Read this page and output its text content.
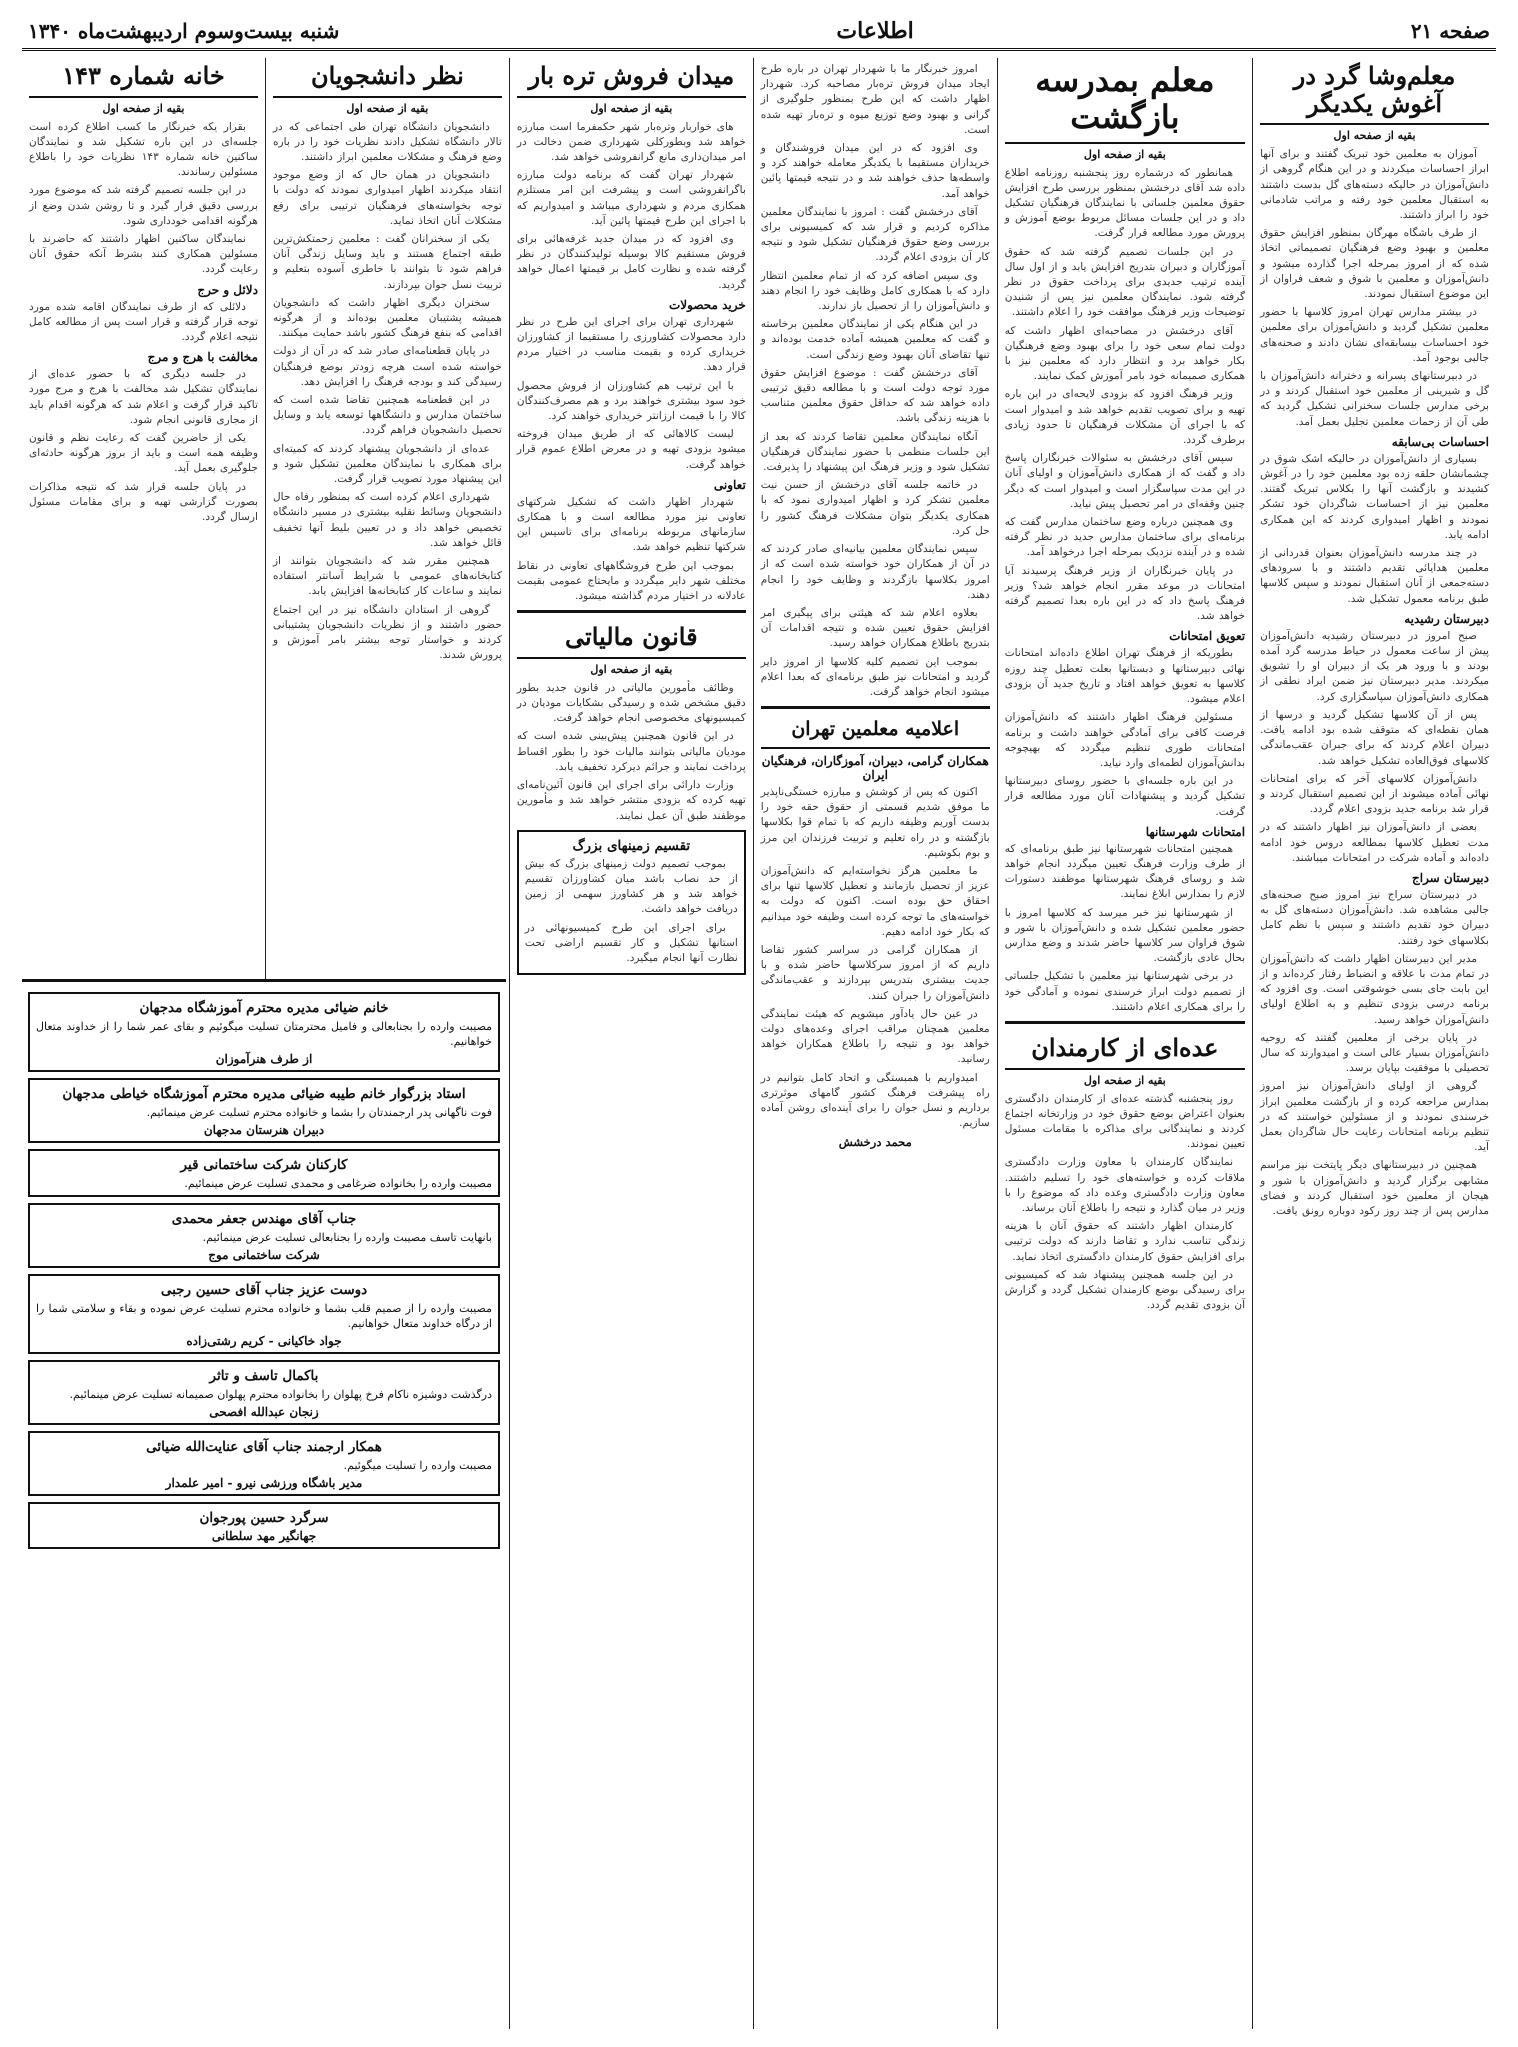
صفحه ۲۱
اطلاعات
شنبه بیست‌وسوم اردیبهشت‌ماه ۱۳۴۰
معلم‌وشا گرد در آغوش یکدیگر
بقیه از صفحه اول

آموزان به معلمین خود تبریک گفتند و برای آنها ابراز احساسات میکردند و در این هنگام گروهی از دانش‌آموزان در حالیکه دسته‌های گل بدست داشتند به استقبال معلمین خود رفته و مراتب شادمانی خود را ابراز داشتند.

از طرف باشگاه مهرگان بمنظور افزایش حقوق معلمین و بهبود وضع فرهنگیان تصمیماتی اتخاذ شده که از امروز بمرحله اجرا گذارده میشود و دانش‌آموزان و معلمین با شوق و شعف فراوان از این موضوع استقبال نمودند.

در بیشتر مدارس تهران امروز کلاسها با حضور معلمین تشکیل گردید و دانش‌آموزان برای معلمین خود احساسات بیسابقه‌ای نشان دادند و صحنه‌های جالبی بوجود آمد.

در دبیرستانهای پسرانه و دخترانه دانش‌آموزان با گل و شیرینی از معلمین خود استقبال کردند و در برخی مدارس جلسات سخنرانی تشکیل گردید که طی آن از زحمات معلمین تجلیل بعمل آمد.

احساسات بی‌سابقه

بسیاری از دانش‌آموزان در حالیکه اشک شوق در چشمانشان حلقه زده بود معلمین خود را در آغوش کشیدند و بازگشت آنها را بکلاس تبریک گفتند. معلمین نیز از احساسات شاگردان خود تشکر نمودند و اظهار امیدواری کردند که این همکاری ادامه یابد.

در چند مدرسه دانش‌آموزان بعنوان قدردانی از معلمین هدایائی تقدیم داشتند و با سرودهای دسته‌جمعی از آنان استقبال نمودند و سپس کلاسها طبق برنامه معمول تشکیل شد.

دبیرستان رشیدیه

صبح امروز در دبیرستان رشیدیه دانش‌آموزان پیش از ساعت معمول در حیاط مدرسه گرد آمده بودند و با ورود هر یک از دبیران او را تشویق میکردند. مدیر دبیرستان نیز ضمن ایراد نطقی از همکاری دانش‌آموزان سپاسگزاری کرد.

پس از آن کلاسها تشکیل گردید و درسها از همان نقطه‌ای که متوقف شده بود ادامه یافت. دبیران اعلام کردند که برای جبران عقب‌ماندگی کلاسهای فوق‌العاده تشکیل خواهد شد.

دانش‌آموزان کلاسهای آخر که برای امتحانات نهائی آماده میشوند از این تصمیم استقبال کردند و قرار شد برنامه جدید بزودی اعلام گردد.

بعضی از دانش‌آموزان نیز اظهار داشتند که در مدت تعطیل کلاسها بمطالعه دروس خود ادامه داده‌اند و آماده شرکت در امتحانات میباشند.

دبیرستان سراج

در دبیرستان سراج نیز امروز صبح صحنه‌های جالبی مشاهده شد. دانش‌آموزان دسته‌های گل به دبیران خود تقدیم داشتند و سپس با نظم کامل بکلاسهای خود رفتند.

مدیر این دبیرستان اظهار داشت که دانش‌آموزان در تمام مدت با علاقه و انضباط رفتار کرده‌اند و از این بابت جای بسی خوشوقتی است. وی افزود که برنامه درسی بزودی تنظیم و به اطلاع اولیای دانش‌آموزان خواهد رسید.

در پایان برخی از معلمین گفتند که روحیه دانش‌آموزان بسیار عالی است و امیدوارند که سال تحصیلی با موفقیت بپایان برسد.

گروهی از اولیای دانش‌آموزان نیز امروز بمدارس مراجعه کرده و از بازگشت معلمین ابراز خرسندی نمودند و از مسئولین خواستند که در تنظیم برنامه امتحانات رعایت حال شاگردان بعمل آید.

همچنین در دبیرستانهای دیگر پایتخت نیز مراسم مشابهی برگزار گردید و دانش‌آموزان با شور و هیجان از معلمین خود استقبال کردند و فضای مدارس پس از چند روز رکود دوباره رونق یافت.

معلم بمدرسه بازگشت
بقیه از صفحه اول

همانطور که درشماره روز پنجشنبه روزنامه اطلاع داده شد آقای درخشش بمنظور بررسی طرح افزایش حقوق معلمین جلساتی با نمایندگان فرهنگیان تشکیل داد و در این جلسات مسائل مربوط بوضع آموزش و پرورش مورد مطالعه قرار گرفت.

در این جلسات تصمیم گرفته شد که حقوق آموزگاران و دبیران بتدریج افزایش یابد و از اول سال آینده ترتیب جدیدی برای پرداخت حقوق در نظر گرفته شود. نمایندگان معلمین نیز پس از شنیدن توضیحات وزیر فرهنگ موافقت خود را اعلام داشتند.

آقای درخشش در مصاحبه‌ای اظهار داشت که دولت تمام سعی خود را برای بهبود وضع فرهنگیان بکار خواهد برد و انتظار دارد که معلمین نیز با همکاری صمیمانه خود بامر آموزش کمک نمایند.

وزیر فرهنگ افزود که بزودی لایحه‌ای در این باره تهیه و برای تصویب تقدیم خواهد شد و امیدوار است که با اجرای آن مشکلات فرهنگیان تا حدود زیادی برطرف گردد.

سپس آقای درخشش به سئوالات خبرنگاران پاسخ داد و گفت که از همکاری دانش‌آموزان و اولیای آنان در این مدت سپاسگزار است و امیدوار است که دیگر چنین وقفه‌ای در امر تحصیل پیش نیاید.

وی همچنین درباره وضع ساختمان مدارس گفت که برنامه‌ای برای ساختمان مدارس جدید در نظر گرفته شده و در آینده نزدیک بمرحله اجرا درخواهد آمد.

در پایان خبرنگاران از وزیر فرهنگ پرسیدند آیا امتحانات در موعد مقرر انجام خواهد شد؟ وزیر فرهنگ پاسخ داد که در این باره بعدا تصمیم گرفته خواهد شد.

تعویق امتحانات

بطوریکه از فرهنگ تهران اطلاع داده‌اند امتحانات نهائی دبیرستانها و دبستانها بعلت تعطیل چند روزه کلاسها به تعویق خواهد افتاد و تاریخ جدید آن بزودی اعلام میشود.

مسئولین فرهنگ اظهار داشتند که دانش‌آموزان فرصت کافی برای آمادگی خواهند داشت و برنامه امتحانات طوری تنظیم میگردد که بهیچوجه بدانش‌آموزان لطمه‌ای وارد نیاید.

در این باره جلسه‌ای با حضور روسای دبیرستانها تشکیل گردید و پیشنهادات آنان مورد مطالعه قرار گرفت.

امتحانات شهرستانها

همچنین امتحانات شهرستانها نیز طبق برنامه‌ای که از طرف وزارت فرهنگ تعیین میگردد انجام خواهد شد و روسای فرهنگ شهرستانها موظفند دستورات لازم را بمدارس ابلاغ نمایند.

از شهرستانها نیز خبر میرسد که کلاسها امروز با حضور معلمین تشکیل شده و دانش‌آموزان با شور و شوق فراوان سر کلاسها حاضر شدند و وضع مدارس بحال عادی بازگشت.

در برخی شهرستانها نیز معلمین با تشکیل جلساتی از تصمیم دولت ابراز خرسندی نموده و آمادگی خود را برای همکاری اعلام داشتند.

عده‌ای از کارمندان
بقیه از صفحه اول

روز پنجشنبه گذشته عده‌ای از کارمندان دادگستری بعنوان اعتراض بوضع حقوق خود در وزارتخانه اجتماع کردند و نمایندگانی برای مذاکره با مقامات مسئول تعیین نمودند.

نمایندگان کارمندان با معاون وزارت دادگستری ملاقات کرده و خواسته‌های خود را تسلیم داشتند. معاون وزارت دادگستری وعده داد که موضوع را با وزیر در میان گذارد و نتیجه را باطلاع آنان برساند.

کارمندان اظهار داشتند که حقوق آنان با هزینه زندگی تناسب ندارد و تقاضا دارند که دولت ترتیبی برای افزایش حقوق کارمندان دادگستری اتخاذ نماید.

در این جلسه همچنین پیشنهاد شد که کمیسیونی برای رسیدگی بوضع کارمندان تشکیل گردد و گزارش آن بزودی تقدیم گردد.

امروز خبرنگار ما با شهردار تهران در باره طرح ایجاد میدان فروش تره‌بار مصاحبه کرد. شهردار اظهار داشت که این طرح بمنظور جلوگیری از گرانی و بهبود وضع توزیع میوه و تره‌بار تهیه شده است.

وی افزود که در این میدان فروشندگان و خریداران مستقیما با یکدیگر معامله خواهند کرد و واسطه‌ها حذف خواهند شد و در نتیجه قیمتها پائین خواهد آمد.

آقای درخشش گفت : امروز با نمایندگان معلمین مذاکره کردیم و قرار شد که کمیسیونی برای بررسی وضع حقوق فرهنگیان تشکیل شود و نتیجه کار آن بزودی اعلام گردد.

وی سپس اضافه کرد که از تمام معلمین انتظار دارد که با همکاری کامل وظایف خود را انجام دهند و دانش‌آموزان را از تحصیل باز ندارند.

در این هنگام یکی از نمایندگان معلمین برخاسته و گفت که معلمین همیشه آماده خدمت بوده‌اند و تنها تقاضای آنان بهبود وضع زندگی است.

آقای درخشش گفت : موضوع افزایش حقوق مورد توجه دولت است و با مطالعه دقیق ترتیبی داده خواهد شد که حداقل حقوق معلمین متناسب با هزینه زندگی باشد.

آنگاه نمایندگان معلمین تقاضا کردند که بعد از این جلسات منظمی با حضور نمایندگان فرهنگیان تشکیل شود و وزیر فرهنگ این پیشنهاد را پذیرفت.

در خاتمه جلسه آقای درخشش از حسن نیت معلمین تشکر کرد و اظهار امیدواری نمود که با همکاری یکدیگر بتوان مشکلات فرهنگ کشور را حل کرد.

سپس نمایندگان معلمین بیانیه‌ای صادر کردند که در آن از همکاران خود خواسته شده است که از امروز بکلاسها بازگردند و وظایف خود را انجام دهند.

بعلاوه اعلام شد که هیئتی برای پیگیری امر افزایش حقوق تعیین شده و نتیجه اقدامات آن بتدریج باطلاع همکاران خواهد رسید.

بموجب این تصمیم کلیه کلاسها از امروز دایر گردید و امتحانات نیز طبق برنامه‌ای که بعدا اعلام میشود انجام خواهد گرفت.

اعلامیه معلمین تهران
همکاران گرامی، دبیران، آموزگاران، فرهنگیان ایران

اکنون که پس از کوشش و مبارزه خستگی‌ناپذیر ما موفق شدیم قسمتی از حقوق حقه خود را بدست آوریم وظیفه داریم که با تمام قوا بکلاسها بازگشته و در راه تعلیم و تربیت فرزندان این مرز و بوم بکوشیم.

ما معلمین هرگز نخواسته‌ایم که دانش‌آموزان عزیز از تحصیل بازمانند و تعطیل کلاسها تنها برای احقاق حق بوده است. اکنون که دولت به خواسته‌های ما توجه کرده است وظیفه خود میدانیم که بکار خود ادامه دهیم.

از همکاران گرامی در سراسر کشور تقاضا داریم که از امروز سرکلاسها حاضر شده و با جدیت بیشتری بتدریس بپردازند و عقب‌ماندگی دانش‌آموزان را جبران کنند.

در عین حال یادآور میشویم که هیئت نمایندگی معلمین همچنان مراقب اجرای وعده‌های دولت خواهد بود و نتیجه را باطلاع همکاران خواهد رسانید.

امیدواریم با همبستگی و اتحاد کامل بتوانیم در راه پیشرفت فرهنگ کشور گامهای موثرتری برداریم و نسل جوان را برای آینده‌ای روشن آماده سازیم.

محمد درخشش
میدان فروش تره بار
بقیه از صفحه اول

های خواربار وتره‌بار شهر حکمفرما است مبارزه خواهد شد وبطورکلی شهرداری ضمن دخالت در امر میدان‌داری مانع گرانفروشی خواهد شد.

شهردار تهران گفت که برنامه دولت مبارزه باگرانفروشی است و پیشرفت این امر مستلزم همکاری مردم و شهرداری میباشد و امیدواریم که با اجرای این طرح قیمتها پائین آید.

وی افزود که در میدان جدید غرفه‌هائی برای فروش مستقیم کالا بوسیله تولیدکنندگان در نظر گرفته شده و نظارت کامل بر قیمتها اعمال خواهد گردید.

خرید محصولات

شهرداری تهران برای اجرای این طرح در نظر دارد محصولات کشاورزی را مستقیما از کشاورزان خریداری کرده و بقیمت مناسب در اختیار مردم قرار دهد.

با این ترتیب هم کشاورزان از فروش محصول خود سود بیشتری خواهند برد و هم مصرف‌کنندگان کالا را با قیمت ارزانتر خریداری خواهند کرد.

لیست کالاهائی که از طریق میدان فروخته میشود بزودی تهیه و در معرض اطلاع عموم قرار خواهد گرفت.

تعاونی

شهردار اظهار داشت که تشکیل شرکتهای تعاونی نیز مورد مطالعه است و با همکاری سازمانهای مربوطه برنامه‌ای برای تاسیس این شرکتها تنظیم خواهد شد.

بموجب این طرح فروشگاههای تعاونی در نقاط مختلف شهر دایر میگردد و مایحتاج عمومی بقیمت عادلانه در اختیار مردم گذاشته میشود.

قانون مالیاتی
بقیه از صفحه اول

وظائف مأمورین مالیاتی در قانون جدید بطور دقیق مشخص شده و رسیدگی بشکایات مودیان در کمیسیونهای مخصوصی انجام خواهد گرفت.

در این قانون همچنین پیش‌بینی شده است که مودیان مالیاتی بتوانند مالیات خود را بطور اقساط پرداخت نمایند و جرائم دیرکرد تخفیف یابد.

وزارت دارائی برای اجرای این قانون آئین‌نامه‌ای تهیه کرده که بزودی منتشر خواهد شد و مأمورین موظفند طبق آن عمل نمایند.

تقسیم زمینهای بزرگ

بموجب تصمیم دولت زمینهای بزرگ که بیش از حد نصاب باشد میان کشاورزان تقسیم خواهد شد و هر کشاورز سهمی از زمین دریافت خواهد داشت.

برای اجرای این طرح کمیسیونهائی در استانها تشکیل و کار تقسیم اراضی تحت نظارت آنها انجام میگیرد.

نظر دانشجویان
بقیه از صفحه اول

دانشجویان دانشگاه تهران طی اجتماعی که در تالار دانشگاه تشکیل دادند نظریات خود را در باره وضع فرهنگ و مشکلات معلمین ابراز داشتند.

دانشجویان در همان حال که از وضع موجود انتقاد میکردند اظهار امیدواری نمودند که دولت با توجه بخواسته‌های فرهنگیان ترتیبی برای رفع مشکلات آنان اتخاذ نماید.

یکی از سخنرانان گفت : معلمین زحمتکش‌ترین طبقه اجتماع هستند و باید وسایل زندگی آنان فراهم شود تا بتوانند با خاطری آسوده بتعلیم و تربیت نسل جوان بپردازند.

سخنران دیگری اظهار داشت که دانشجویان همیشه پشتیبان معلمین بوده‌اند و از هرگونه اقدامی که بنفع فرهنگ کشور باشد حمایت میکنند.

در پایان قطعنامه‌ای صادر شد که در آن از دولت خواسته شده است هرچه زودتر بوضع فرهنگیان رسیدگی کند و بودجه فرهنگ را افزایش دهد.

در این قطعنامه همچنین تقاضا شده است که ساختمان مدارس و دانشگاهها توسعه یابد و وسایل تحصیل دانشجویان فراهم گردد.

عده‌ای از دانشجویان پیشنهاد کردند که کمیته‌ای برای همکاری با نمایندگان معلمین تشکیل شود و این پیشنهاد مورد تصویب قرار گرفت.

شهرداری اعلام کرده است که بمنظور رفاه حال دانشجویان وسائط نقلیه بیشتری در مسیر دانشگاه تخصیص خواهد داد و در تعیین بلیط آنها تخفیف قائل خواهد شد.

همچنین مقرر شد که دانشجویان بتوانند از کتابخانه‌های عمومی با شرایط آسانتر استفاده نمایند و ساعات کار کتابخانه‌ها افزایش یابد.

گروهی از استادان دانشگاه نیز در این اجتماع حضور داشتند و از نظریات دانشجویان پشتیبانی کردند و خواستار توجه بیشتر بامر آموزش و پرورش شدند.

خانه شماره ۱۴۳
بقیه از صفحه اول

بقرار یکه خبرنگار ما کسب اطلاع کرده است جلسه‌ای در این باره تشکیل شد و نمایندگان ساکنین خانه شماره ۱۴۳ نظریات خود را باطلاع مسئولین رساندند.

در این جلسه تصمیم گرفته شد که موضوع مورد بررسی دقیق قرار گیرد و تا روشن شدن وضع از هرگونه اقدامی خودداری شود.

نمایندگان ساکنین اظهار داشتند که حاضرند با مسئولین همکاری کنند بشرط آنکه حقوق آنان رعایت گردد.

دلائل و حرج

دلائلی که از طرف نمایندگان اقامه شده مورد توجه قرار گرفته و قرار است پس از مطالعه کامل نتیجه اعلام گردد.

مخالفت با هرج و مرج

در جلسه دیگری که با حضور عده‌ای از نمایندگان تشکیل شد مخالفت با هرج و مرج مورد تاکید قرار گرفت و اعلام شد که هرگونه اقدام باید از مجاری قانونی انجام شود.

یکی از حاضرین گفت که رعایت نظم و قانون وظیفه همه است و باید از بروز هرگونه حادثه‌ای جلوگیری بعمل آید.

در پایان جلسه قرار شد که نتیجه مذاکرات بصورت گزارشی تهیه و برای مقامات مسئول ارسال گردد.

خانم ضیائی مدیره محترم آموزشگاه مدجهان
مصیبت وارده را بجنابعالی و فامیل محترمتان تسلیت میگوئیم و بقای عمر شما را از خداوند متعال خواهانیم.
از طرف هنرآموزان
استاد بزرگوار خانم طیبه ضیائی مدیره محترم آموزشگاه خیاطی مدجهان
فوت ناگهانی پدر ارجمندتان را بشما و خانواده محترم تسلیت عرض مینمائیم.
دبیران هنرستان مدجهان
کارکنان شرکت ساختمانی قیر
مصیبت وارده را بخانواده ضرغامی و محمدی تسلیت عرض مینمائیم.
جناب آقای مهندس جعفر محمدی
بانهایت تاسف مصیبت وارده را بجنابعالی تسلیت عرض مینمائیم.
شرکت ساختمانی موج
دوست عزیز جناب آقای حسین رجبی
مصیبت وارده را از صمیم قلب بشما و خانواده محترم تسلیت عرض نموده و بقاء و سلامتی شما را از درگاه خداوند متعال خواهانیم.
جواد خاکیانی - کریم رشتی‌زاده
باکمال تاسف و تاثر
درگذشت دوشیزه ناکام فرخ پهلوان را بخانواده محترم پهلوان صمیمانه تسلیت عرض مینمائیم.
زنجان عبدالله افصحی
همکار ارجمند جناب آقای عنایت‌الله ضیائی
مصیبت وارده را تسلیت میگوئیم.
مدیر باشگاه ورزشی نیرو - امیر علمدار
سرگرد حسین پورجوان
جهانگیر مهد سلطانی
